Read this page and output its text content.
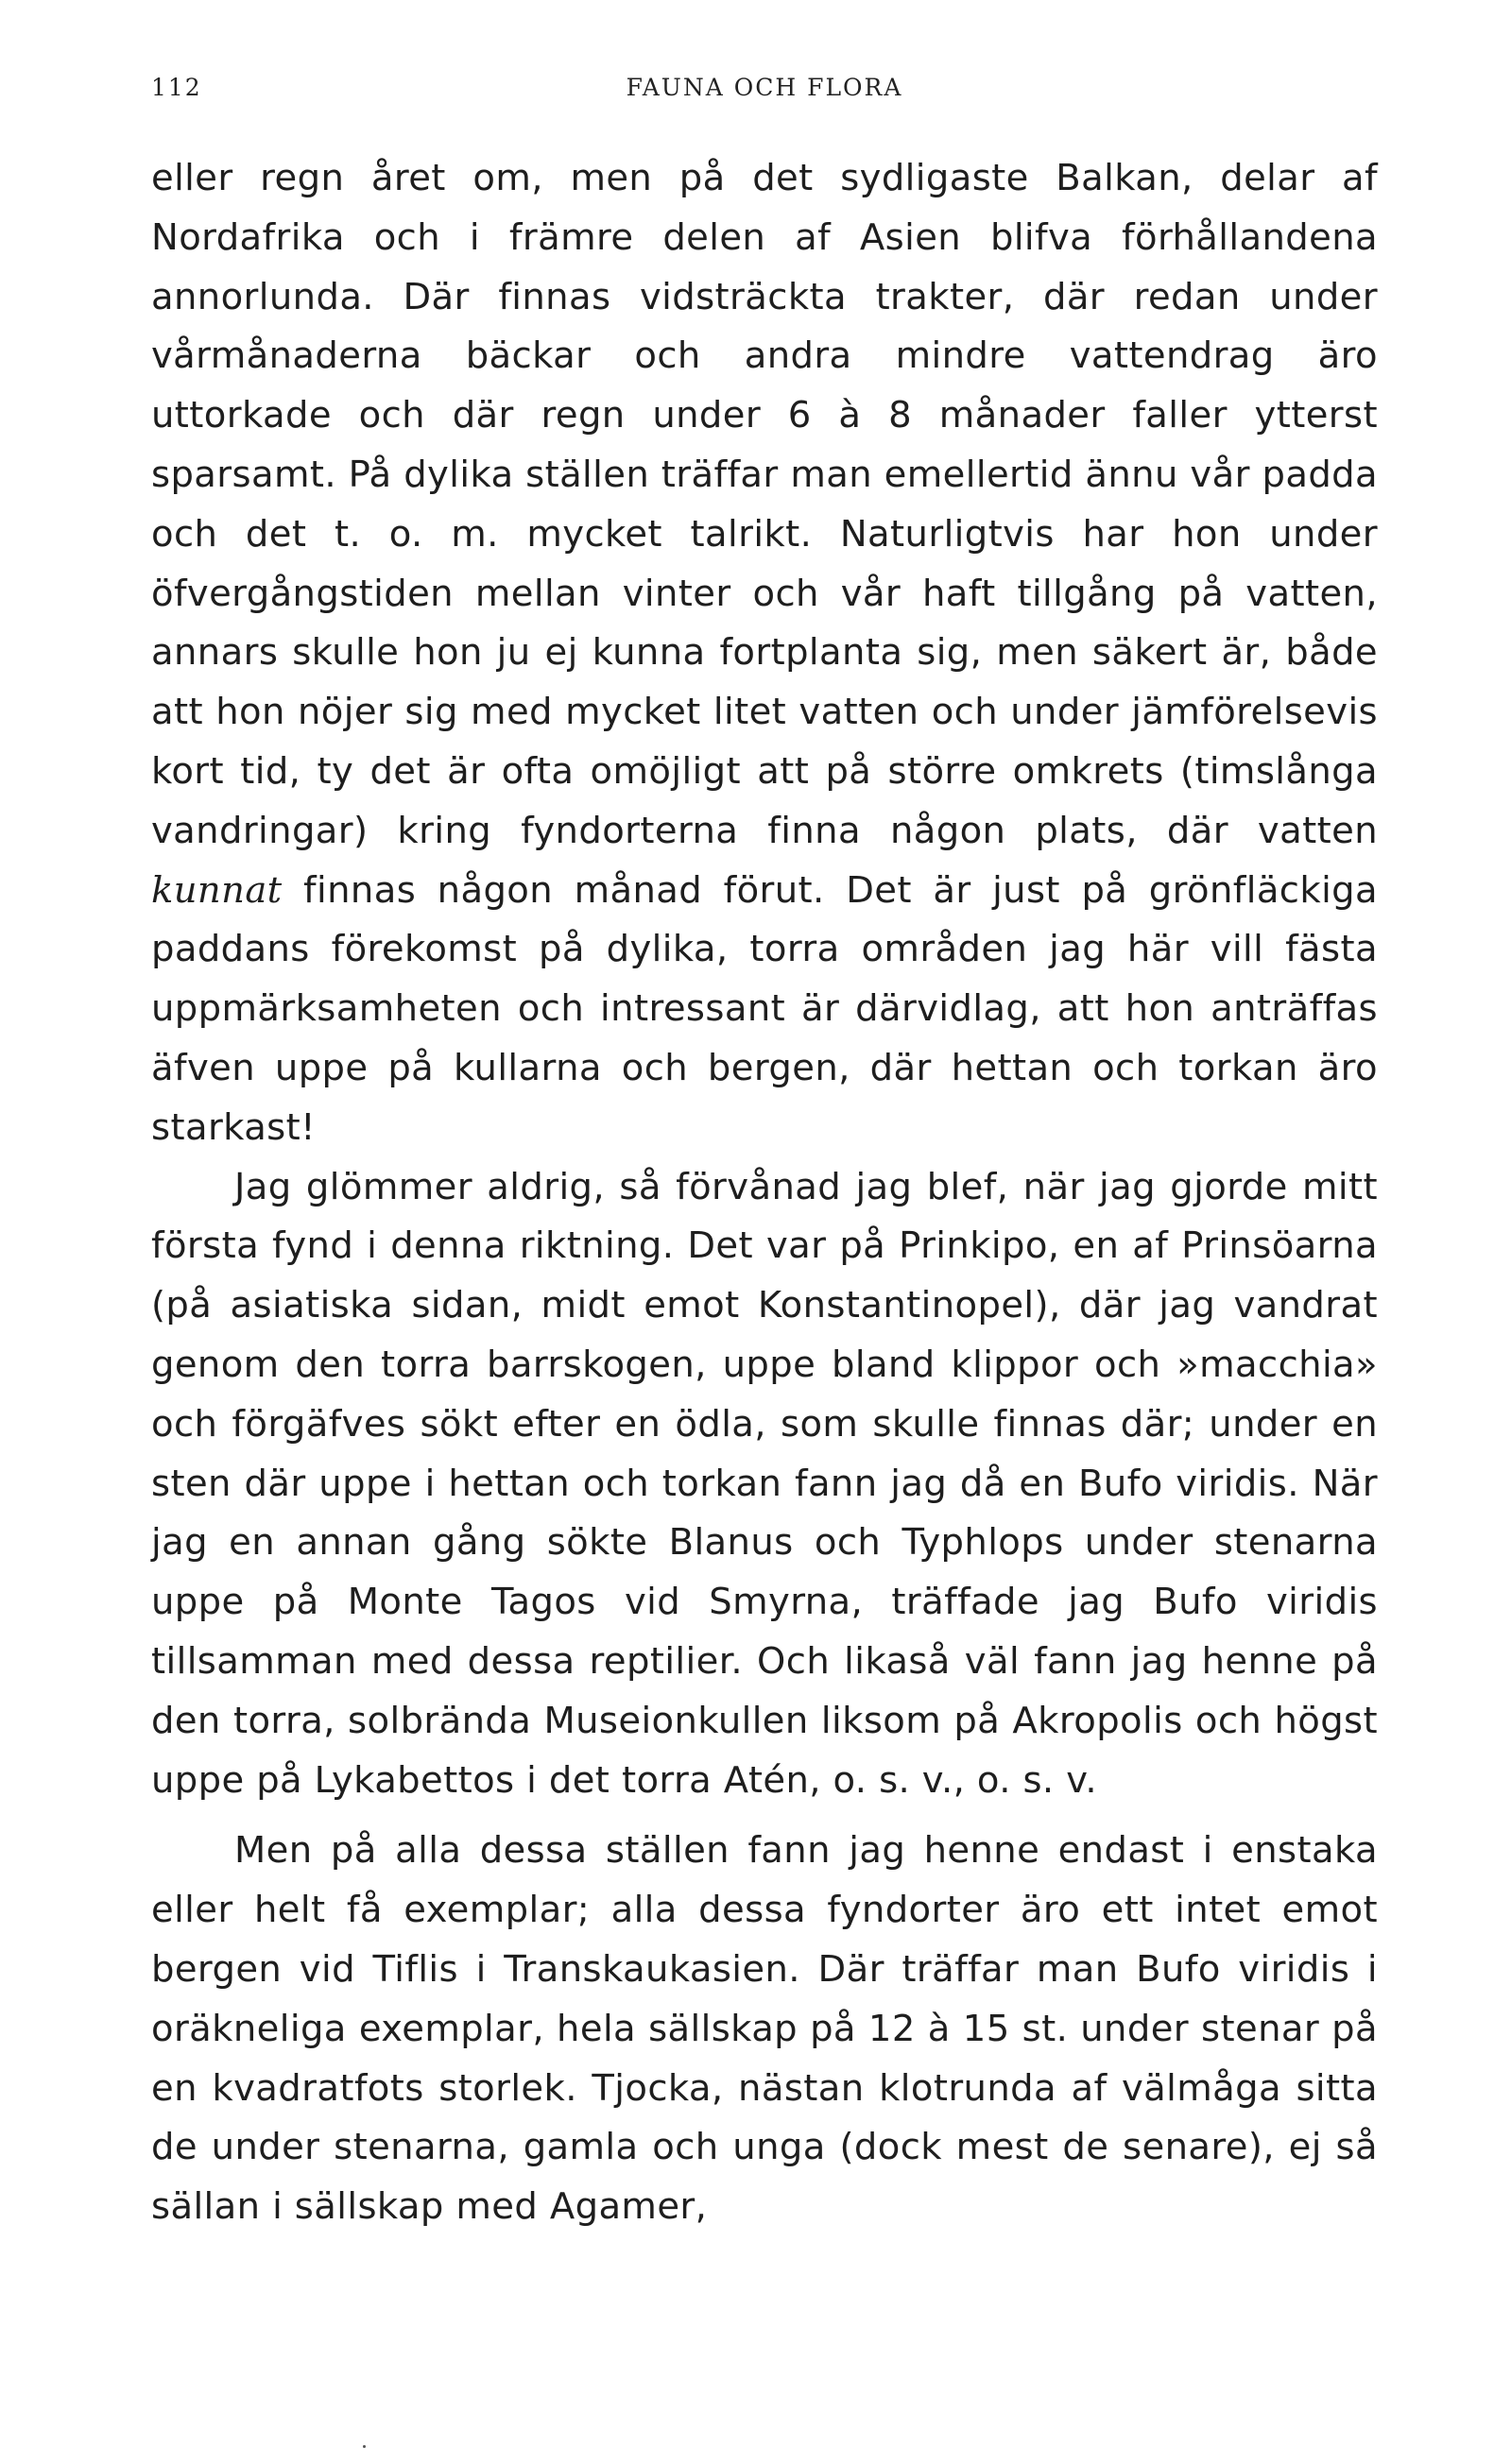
112	FAUNA OCH FLORA

eller regn året om, men på det sydligaste Balkan, delar af Nordafrika och i främre delen af Asien blifva förhållandena annorlunda. Där finnas vidsträckta trakter, där redan under vårmånaderna bäckar och andra mindre vattendrag äro uttorkade och där regn under 6 à 8 månader faller ytterst sparsamt. På dylika ställen träffar man emellertid ännu vår padda och det t. o. m. mycket talrikt. Naturligtvis har hon under öfvergångstiden mellan vinter och vår haft tillgång på vatten, annars skulle hon ju ej kunna fortplanta sig, men säkert är, både att hon nöjer sig med mycket litet vatten och under jämförelsevis kort tid, ty det är ofta omöjligt att på större omkrets (timslånga vandringar) kring fyndorterna finna någon plats, där vatten kunnat finnas någon månad förut. Det är just på grönfläckiga paddans förekomst på dylika, torra områden jag här vill fästa uppmärksamheten och intressant är därvidlag, att hon anträffas äfven uppe på kullarna och bergen, där hettan och torkan äro starkast!

Jag glömmer aldrig, så förvånad jag blef, när jag gjorde mitt första fynd i denna riktning. Det var på Prinkipo, en af Prinsöarna (på asiatiska sidan, midt emot Konstantinopel), där jag vandrat genom den torra barrskogen, uppe bland klippor och »macchia» och förgäfves sökt efter en ödla, som skulle finnas där; under en sten där uppe i hettan och torkan fann jag då en Bufo viridis. När jag en annan gång sökte Blanus och Typhlops under stenarna uppe på Monte Tagos vid Smyrna, träffade jag Bufo viridis tillsamman med dessa reptilier. Och likaså väl fann jag henne på den torra, solbrända Museionkullen liksom på Akropolis och högst uppe på Lykabettos i det torra Atén, o. s. v., o. s. v.

Men på alla dessa ställen fann jag henne endast i enstaka eller helt få exemplar; alla dessa fyndorter äro ett intet emot bergen vid Tiflis i Transkaukasien. Där träffar man Bufo viridis i oräkneliga exemplar, hela sällskap på 12 à 15 st. under stenar på en kvadratfots storlek. Tjocka, nästan klotrunda af välmåga sitta de under stenarna, gamla och unga (dock mest de senare), ej så sällan i sällskap med Agamer,
